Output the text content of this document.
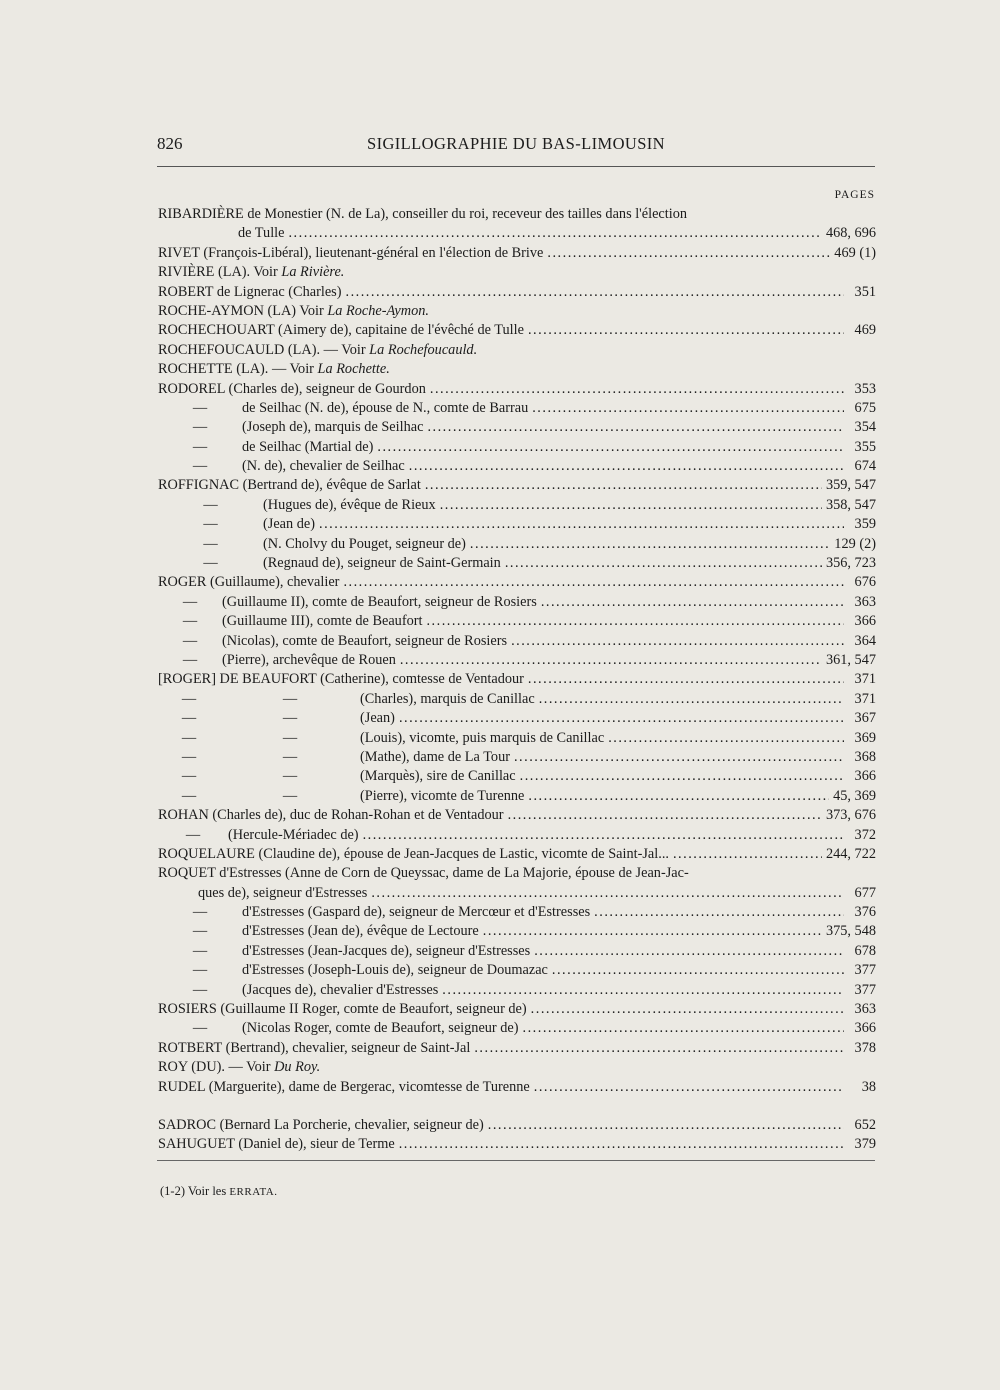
826	SIGILLOGRAPHIE DU BAS-LIMOUSIN
PAGES
RIBARDIÈRE de Monestier (N. de La), conseiller du roi, receveur des tailles dans l'élection
de Tulle .....	468, 696
RIVET (François-Libéral), lieutenant-général en l'élection de Brive .....	469 (1)
RIVIÈRE (LA). Voir La Rivière.
ROBERT de Lignerac (Charles) .....	351
ROCHE-AYMON (LA) Voir La Roche-Aymon.
ROCHECHOUART (Aimery de), capitaine de l'évêché de Tulle .....	469
ROCHEFOUCAULD (LA). — Voir La Rochefoucauld.
ROCHETTE (LA). — Voir La Rochette.
RODOREL (Charles de), seigneur de Gourdon .....	353
—	de Seilhac (N. de), épouse de N., comte de Barrau .....	675
—	(Joseph de), marquis de Seilhac .....	354
—	de Seilhac (Martial de) .....	355
—	(N. de), chevalier de Seilhac .....	674
ROFFIGNAC (Bertrand de), évêque de Sarlat .....	359, 547
—	(Hugues de), évêque de Rieux .....	358, 547
—	(Jean de) .....	359
—	(N. Cholvy du Pouget, seigneur de) .....	129 (2)
—	(Regnaud de), seigneur de Saint-Germain .....	356, 723
ROGER (Guillaume), chevalier .....	676
—	(Guillaume II), comte de Beaufort, seigneur de Rosiers .....	363
—	(Guillaume III), comte de Beaufort .....	366
—	(Nicolas), comte de Beaufort, seigneur de Rosiers .....	364
—	(Pierre), archevêque de Rouen .....	361, 547
[ROGER] DE BEAUFORT (Catherine), comtesse de Ventadour .....	371
—	—	(Charles), marquis de Canillac .....	371
—	—	(Jean) .....	367
—	—	(Louis), vicomte, puis marquis de Canillac .....	369
—	—	(Mathe), dame de La Tour .....	368
—	—	(Marquès), sire de Canillac .....	366
—	—	(Pierre), vicomte de Turenne .....	45, 369
ROHAN (Charles de), duc de Rohan-Rohan et de Ventadour .....	373, 676
—	(Hercule-Mériadec de) .....	372
ROQUELAURE (Claudine de), épouse de Jean-Jacques de Lastic, vicomte de Saint-Jal... .....	244, 722
ROQUET d'Estresses (Anne de Corn de Queyssac, dame de La Majorie, épouse de Jean-Jac-
ques de), seigneur d'Estresses .....	677
—	d'Estresses (Gaspard de), seigneur de Mercœur et d'Estresses .....	376
—	d'Estresses (Jean de), évêque de Lectoure .....	375, 548
—	d'Estresses (Jean-Jacques de), seigneur d'Estresses .....	678
—	d'Estresses (Joseph-Louis de), seigneur de Doumazac .....	377
—	(Jacques de), chevalier d'Estresses .....	377
ROSIERS (Guillaume II Roger, comte de Beaufort, seigneur de) .....	363
—	(Nicolas Roger, comte de Beaufort, seigneur de) .....	366
ROTBERT (Bertrand), chevalier, seigneur de Saint-Jal .....	378
ROY (DU). — Voir Du Roy.
RUDEL (Marguerite), dame de Bergerac, vicomtesse de Turenne .....	38
SADROC (Bernard La Porcherie, chevalier, seigneur de) .....	652
SAHUGUET (Daniel de), sieur de Terme .....	379
(1-2) Voir les ERRATA.
